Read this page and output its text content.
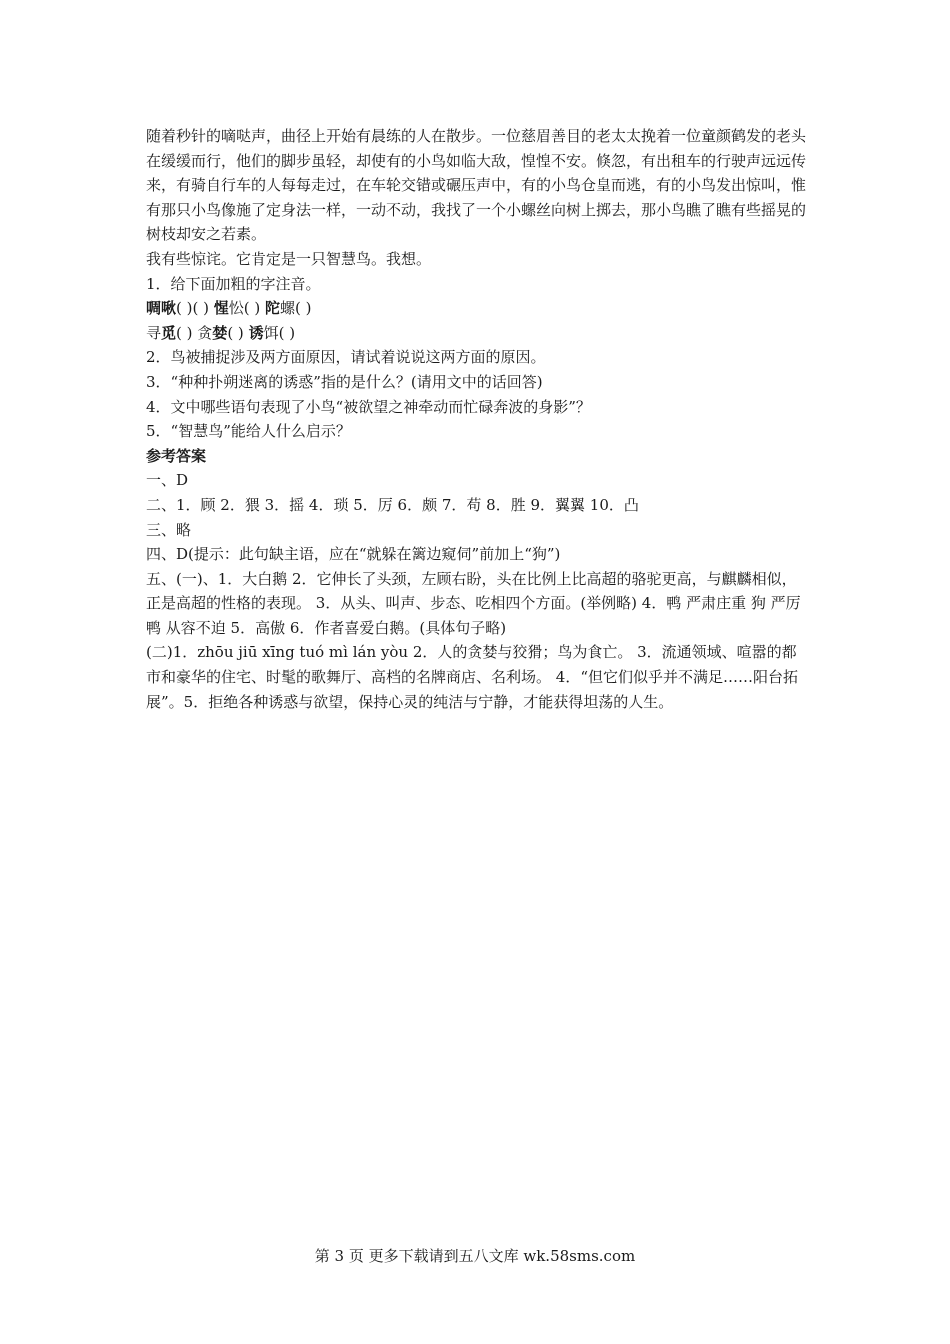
随着秒针的嘀哒声，曲径上开始有晨练的人在散步。一位慈眉善目的老太太挽着一位童颜鹤发的老头在缓缓而行，他们的脚步虽轻，却使有的小鸟如临大敌，惶惶不安。倏忽，有出租车的行驶声远远传来，有骑自行车的人每每走过，在车轮交错或碾压声中，有的小鸟仓皇而逃，有的小鸟发出惊叫，惟有那只小鸟像施了定身法一样，一动不动，我找了一个小螺丝向树上掷去，那小鸟瞧了瞧有些摇晃的树枝却安之若素。
我有些惊诧。它肯定是一只智慧鸟。我想。
1．给下面加粗的字注音。
啁啾( )( ) 惺忪( ) 陀螺( )
寻觅( ) 贪婪( ) 诱饵( )
2．鸟被捕捉涉及两方面原因，请试着说说这两方面的原因。
3．“种种扑朔迷离的诱惑”指的是什么？(请用文中的话回答)
4．文中哪些语句表现了小鸟“被欲望之神牵动而忙碌奔波的身影”？
5．“智慧鸟”能给人什么启示？
参考答案
一、D
二、1．顾 2．猥 3．摇 4．琐 5．厉 6．颇 7．苟 8．胜 9．翼翼 10．凸
三、略
四、D(提示：此句缺主语，应在“就躲在篱边窥伺”前加上“狗”)
五、(一)、1．大白鹅 2．它伸长了头颈，左顾右盼，头在比例上比高超的骆驼更高，与麒麟相似，正是高超的性格的表现。 3．从头、叫声、步态、吃相四个方面。(举例略) 4．鸭 严肃庄重 狗 严厉 鸭 从容不迫 5．高傲 6．作者喜爱白鹅。(具体句子略)
(二)1．zhōu jiū xīng tuó mì lán yòu 2．人的贪婪与狡猾；鸟为食亡。 3．流通领域、喧嚣的都市和豪华的住宅、时髦的歌舞厅、高档的名牌商店、名利场。 4．“但它们似乎并不满足……阳台拓展”。5．拒绝各种诱惑与欲望，保持心灵的纯洁与宁静，才能获得坦荡的人生。
第 3 页 更多下载请到五八文库 wk.58sms.com
